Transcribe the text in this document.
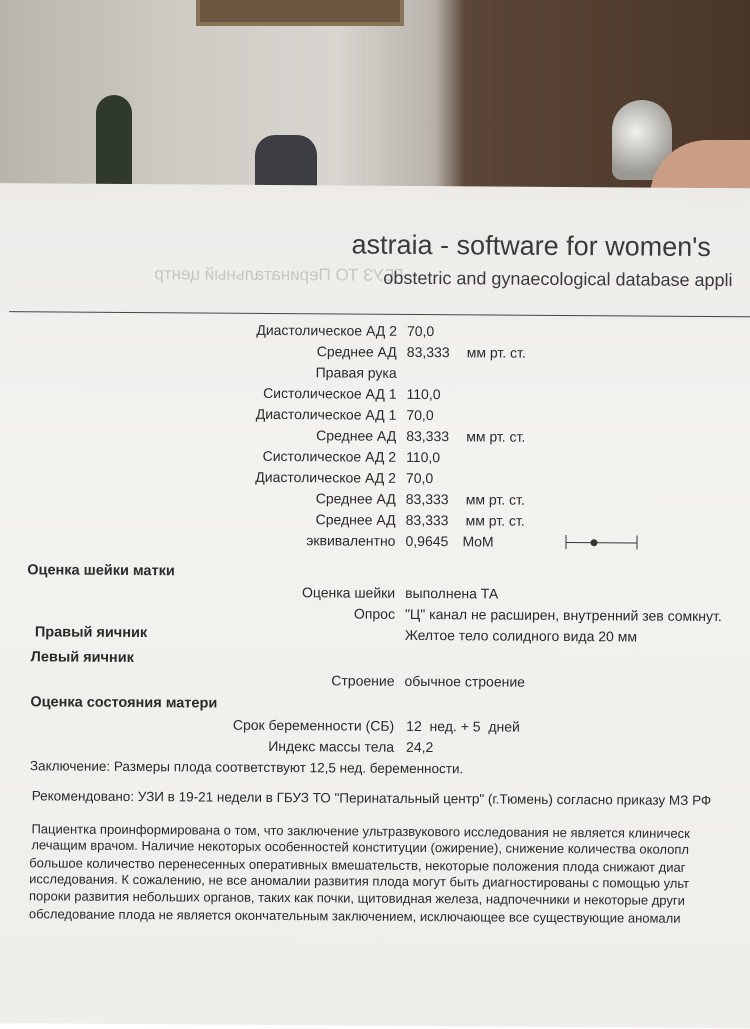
ГБУЗ ТО Перинатальный центр
astraia - software for women's
obstetric and gynaecological database appli
Диастолическое АД 2 70,0
Среднее АД 83,333 мм рт. ст.
Правая рука
Систолическое АД 1 110,0
Диастолическое АД 1 70,0
Среднее АД 83,333 мм рт. ст.
Систолическое АД 2 110,0
Диастолическое АД 2 70,0
Среднее АД 83,333 мм рт. ст.
Среднее АД 83,333 мм рт. ст.
эквивалентно 0,9645 MoM
Оценка шейки матки
Оценка шейки выполнена ТА
Опрос "Ц" канал не расширен, внутренний зев сомкнут.
Правый яичник	Желтое тело солидного вида 20 мм
Левый яичник
Строение обычное строение
Оценка состояния матери
Срок беременности (СБ) 12  нед. + 5  дней
Индекс массы тела 24,2
Заключение: Размеры плода соответствуют 12,5 нед. беременности.
Рекомендовано: УЗИ в 19-21 недели в ГБУЗ ТО "Перинатальный центр" (г.Тюмень) согласно приказу МЗ РФ
Пациентка проинформирована о том, что заключение ультразвукового исследования не является клиническ
лечащим врачом. Наличие некоторых особенностей конституции (ожирение), снижение количества околопл
большое количество перенесенных оперативных вмешательств, некоторые положения плода снижают диаг
исследования. К сожалению, не все аномалии развития плода могут быть диагностированы с помощью ульт
пороки развития небольших органов, таких как почки, щитовидная железа, надпочечники и некоторые други
обследование плода не является окончательным заключением, исключающее все существующие аномали
